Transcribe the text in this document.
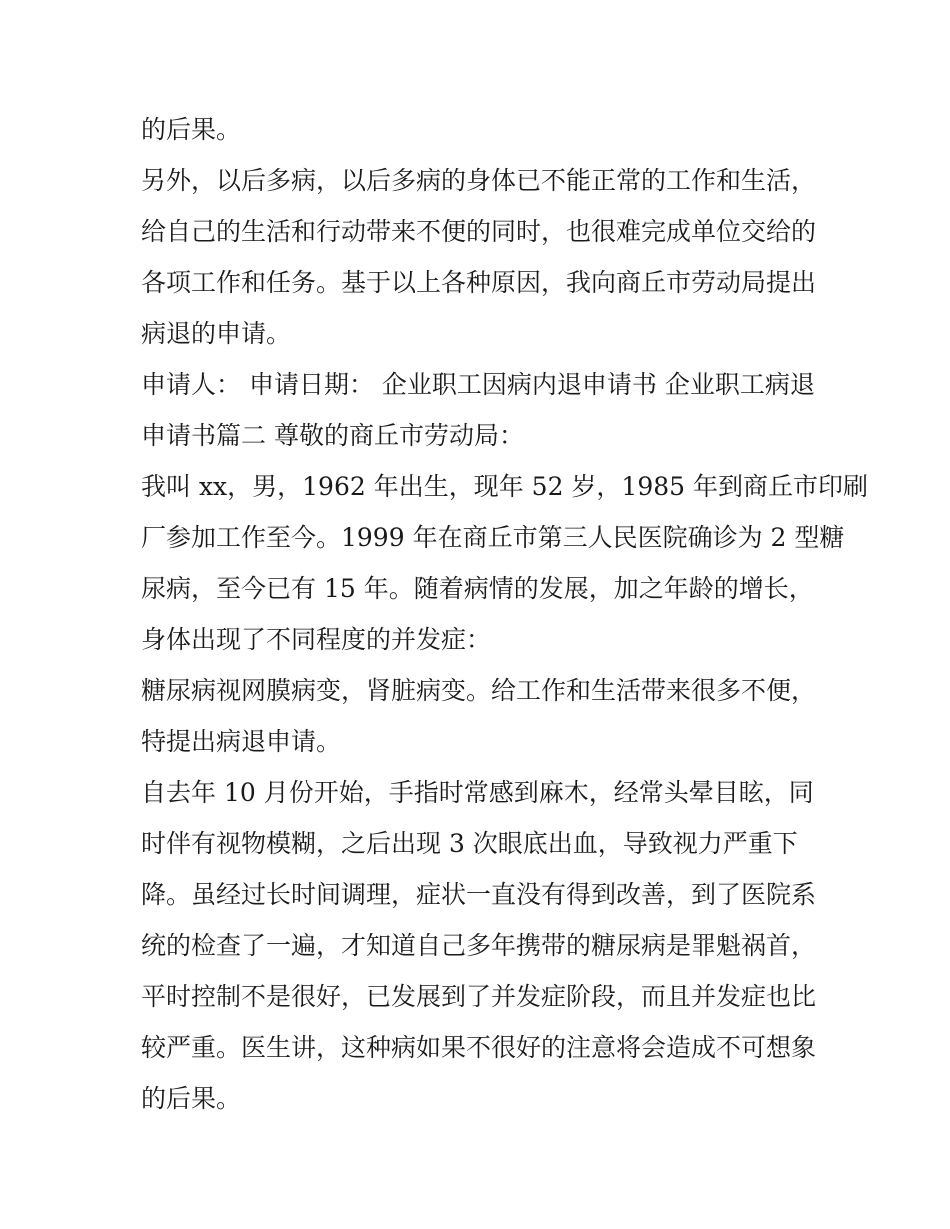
的后果。
另外，以后多病，以后多病的身体已不能正常的工作和生活，
给自己的生活和行动带来不便的同时，也很难完成单位交给的
各项工作和任务。基于以上各种原因，我向商丘市劳动局提出
病退的申请。
申请人： 申请日期： 企业职工因病内退申请书 企业职工病退
申请书篇二 尊敬的商丘市劳动局：
我叫 xx，男，1962 年出生，现年 52 岁，1985 年到商丘市印刷
厂参加工作至今。1999 年在商丘市第三人民医院确诊为 2 型糖
尿病，至今已有 15 年。随着病情的发展，加之年龄的增长，
身体出现了不同程度的并发症：
糖尿病视网膜病变，肾脏病变。给工作和生活带来很多不便，
特提出病退申请。
自去年 10 月份开始，手指时常感到麻木，经常头晕目眩，同
时伴有视物模糊，之后出现 3 次眼底出血，导致视力严重下
降。虽经过长时间调理，症状一直没有得到改善，到了医院系
统的检查了一遍，才知道自己多年携带的糖尿病是罪魁祸首，
平时控制不是很好，已发展到了并发症阶段，而且并发症也比
较严重。医生讲，这种病如果不很好的注意将会造成不可想象
的后果。
